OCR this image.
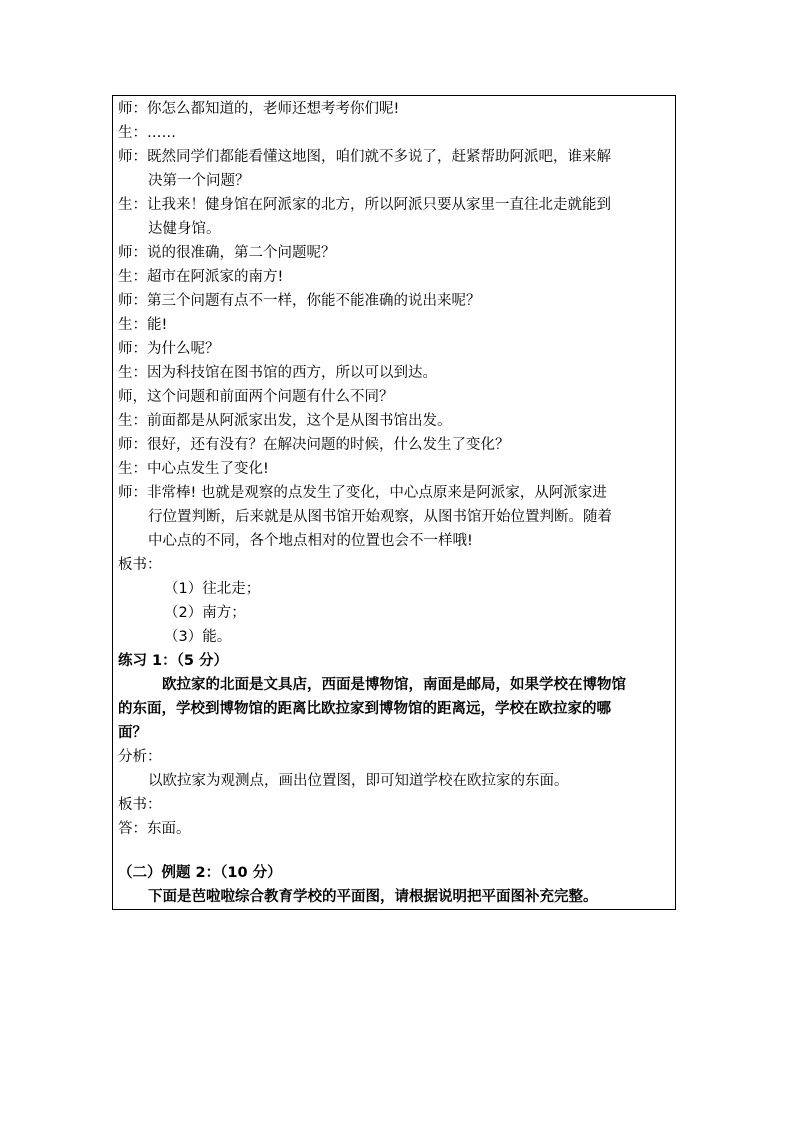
师：你怎么都知道的，老师还想考考你们呢!
生：……
师：既然同学们都能看懂这地图，咱们就不多说了，赶紧帮助阿派吧，谁来解
决第一个问题？
生：让我来！健身馆在阿派家的北方，所以阿派只要从家里一直往北走就能到
达健身馆。
师：说的很准确，第二个问题呢？
生：超市在阿派家的南方!
师：第三个问题有点不一样，你能不能准确的说出来呢？
生：能!
师：为什么呢？
生：因为科技馆在图书馆的西方，所以可以到达。
师，这个问题和前面两个问题有什么不同？
生：前面都是从阿派家出发，这个是从图书馆出发。
师：很好，还有没有？在解决问题的时候，什么发生了变化？
生：中心点发生了变化!
师：非常棒! 也就是观察的点发生了变化，中心点原来是阿派家，从阿派家进
行位置判断，后来就是从图书馆开始观察，从图书馆开始位置判断。随着
中心点的不同，各个地点相对的位置也会不一样哦!
板书：
（1）往北走；
（2）南方；
（3）能。
练习 1：（5 分）
欧拉家的北面是文具店，西面是博物馆，南面是邮局，如果学校在博物馆
的东面，学校到博物馆的距离比欧拉家到博物馆的距离远，学校在欧拉家的哪
面？
分析：
以欧拉家为观测点，画出位置图，即可知道学校在欧拉家的东面。
板书：
答：东面。
（二）例题 2：（10 分）
下面是芭啦啦综合教育学校的平面图，请根据说明把平面图补充完整。
